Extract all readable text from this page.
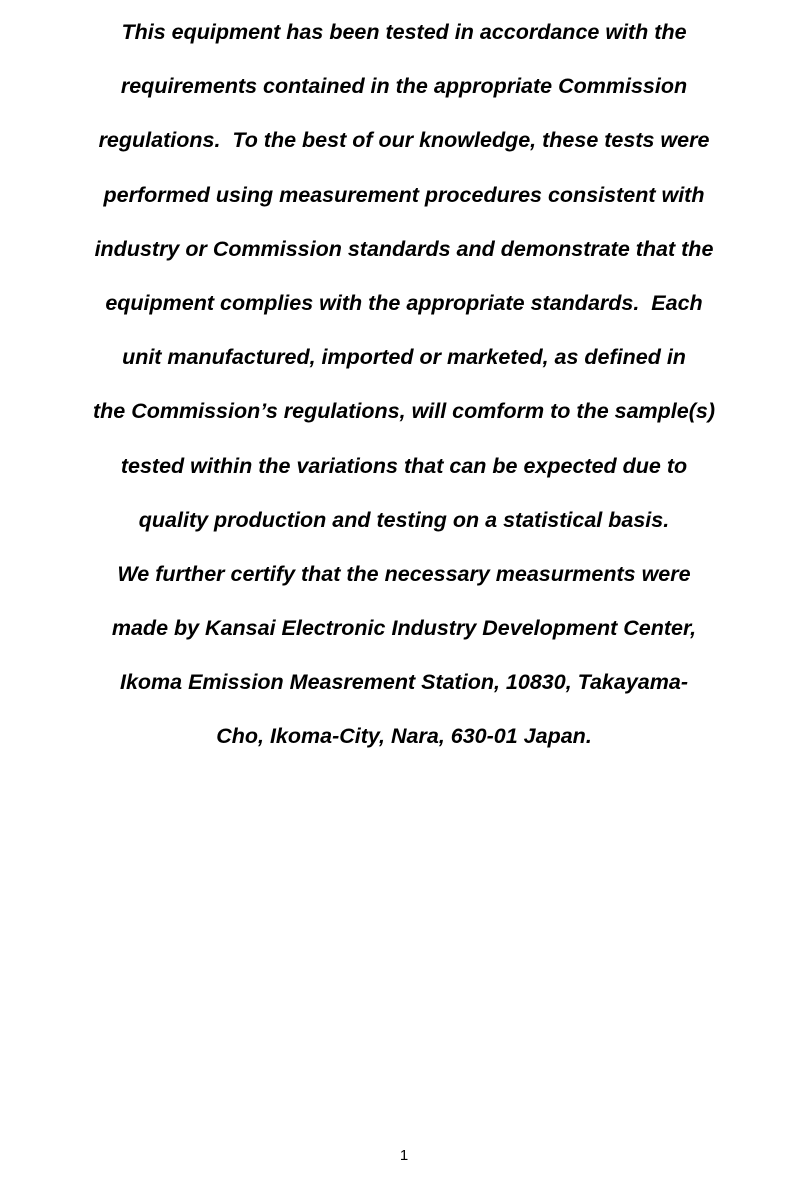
This equipment has been tested in accordance with the
requirements contained in the appropriate Commission
regulations.  To the best of our knowledge, these tests were
performed using measurement procedures consistent with
industry or Commission standards and demonstrate that the
equipment complies with the appropriate standards.  Each
unit manufactured, imported or marketed, as defined in
the Commission’s regulations, will comform to the sample(s)
tested within the variations that can be expected due to
quality production and testing on a statistical basis.
We further certify that the necessary measurments were
made by Kansai Electronic Industry Development Center,
Ikoma Emission Measrement Station, 10830, Takayama-
Cho, Ikoma-City, Nara, 630-01 Japan.
1
